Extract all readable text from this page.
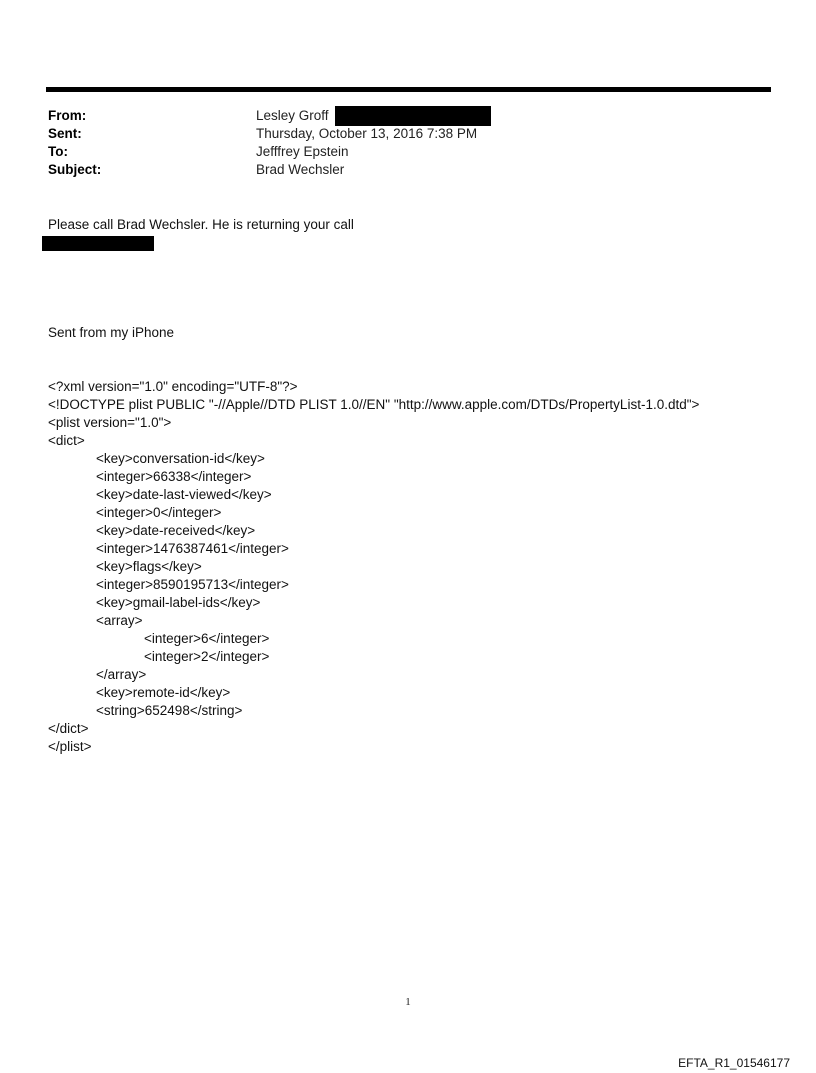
From:	Lesley Groff
Sent:	Thursday, October 13, 2016 7:38 PM
To:	Jefffrey Epstein
Subject:	Brad Wechsler
Please call Brad Wechsler. He is returning your call

Sent from my iPhone

<?xml version="1.0" encoding="UTF-8"?>
<!DOCTYPE plist PUBLIC "-//Apple//DTD PLIST 1.0//EN" "http://www.apple.com/DTDs/PropertyList-1.0.dtd">
<plist version="1.0">
<dict>
<key>conversation-id</key>
<integer>66338</integer>
<key>date-last-viewed</key>
<integer>0</integer>
<key>date-received</key>
<integer>1476387461</integer>
<key>flags</key>
<integer>8590195713</integer>
<key>gmail-label-ids</key>
<array>
<integer>6</integer>
<integer>2</integer>
</array>
<key>remote-id</key>
<string>652498</string>
</dict>
</plist>

1
EFTA_R1_01546177
